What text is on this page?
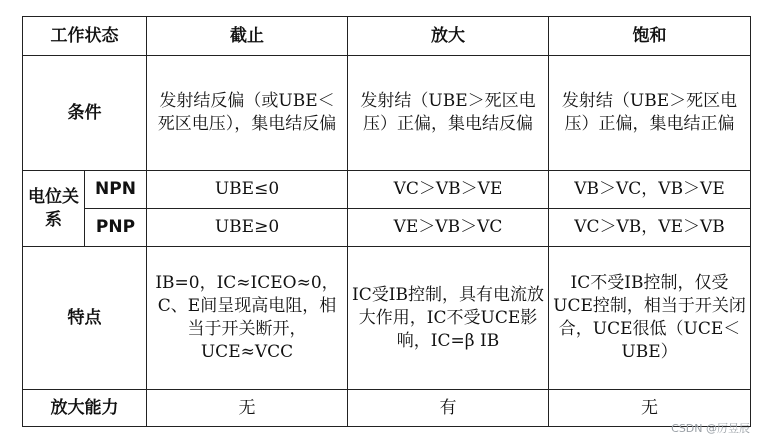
工作状态		截止	放大	饱和
条件		发射结反偏（或UBE＜死区电压），集电结反偏	发射结（UBE＞死区电压）正偏，集电结反偏	发射结（UBE＞死区电压）正偏，集电结正偏
电位关系	NPN	UBE≤0	VC＞VB＞VE	VB＞VC，VB＞VE
	PNP	UBE≥0	VE＞VB＞VC	VC＞VB，VE＞VB
特点		IB=0，IC≈ICEO≈0，C、E间呈现高电阻，相当于开关断开，UCE≈VCC	IC受IB控制，具有电流放大作用，IC不受UCE影响，IC=β IB	IC不受IB控制，仅受UCE控制，相当于开关闭合，UCE很低（UCE＜UBE）
放大能力		无	有	无
CSDN @厉昱辰
